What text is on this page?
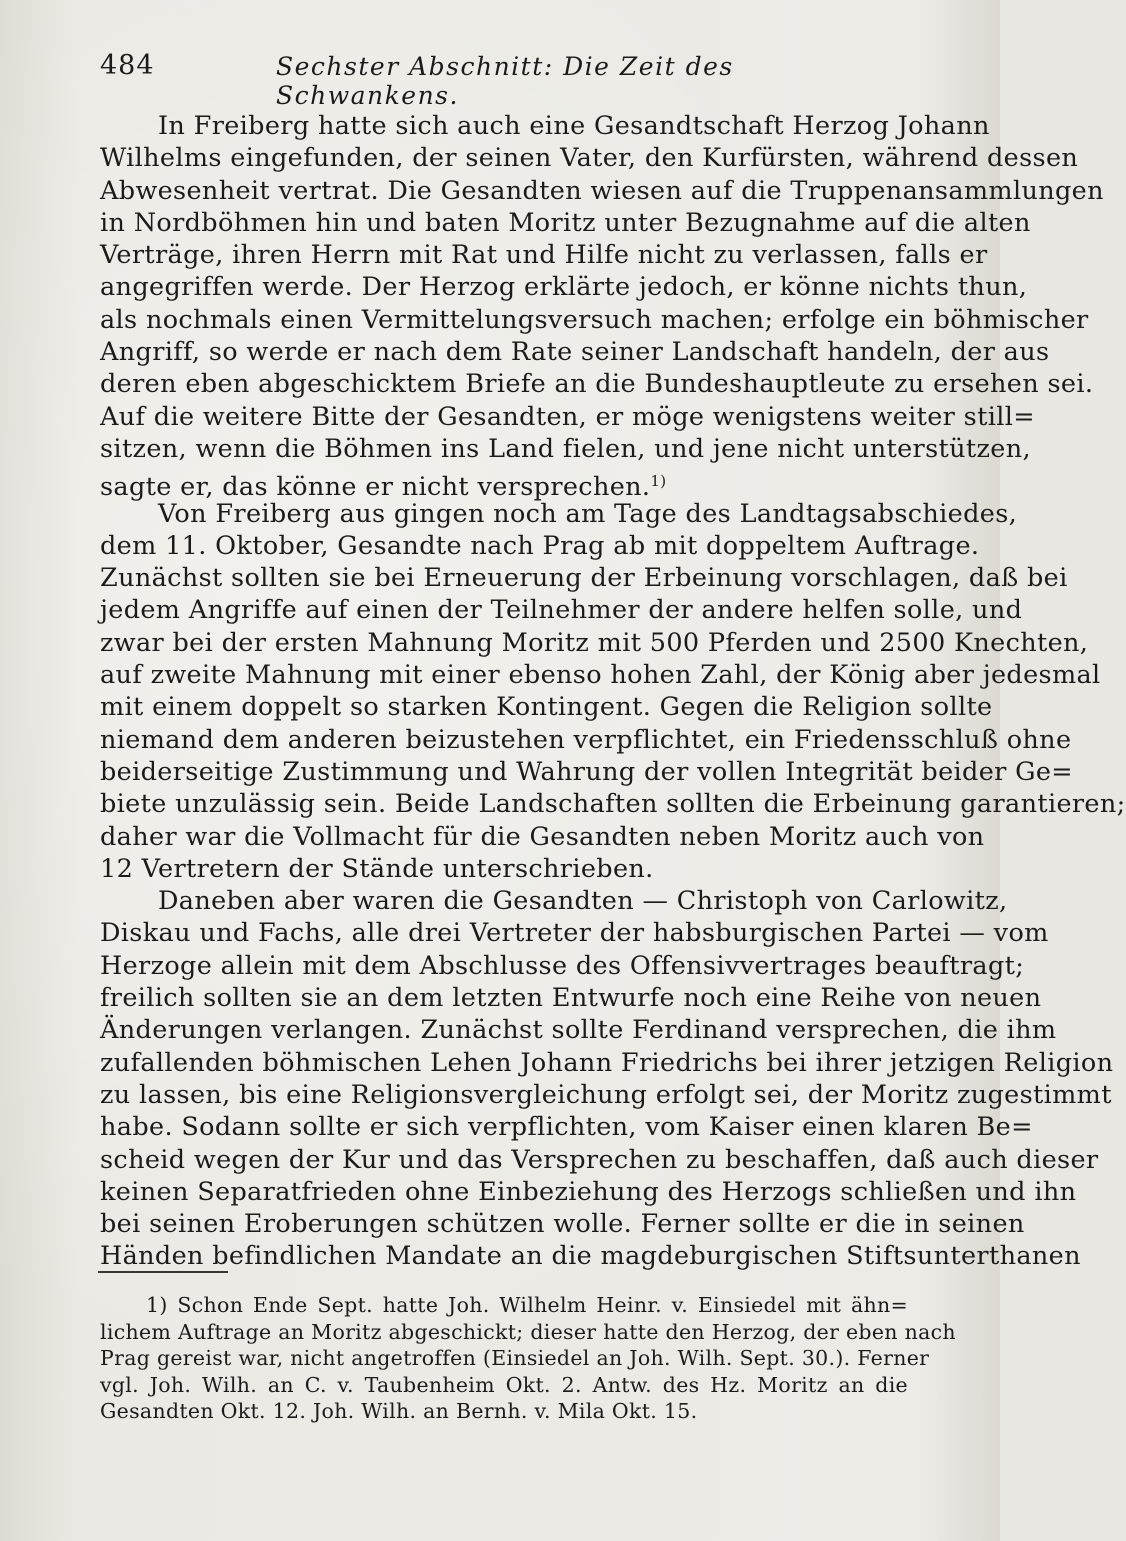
484	Sechster Abschnitt: Die Zeit des Schwankens.
In Freiberg hatte sich auch eine Gesandtschaft Herzog Johann
Wilhelms eingefunden, der seinen Vater, den Kurfürsten, während dessen
Abwesenheit vertrat. Die Gesandten wiesen auf die Truppenansammlungen
in Nordböhmen hin und baten Moritz unter Bezugnahme auf die alten
Verträge, ihren Herrn mit Rat und Hilfe nicht zu verlassen, falls er
angegriffen werde. Der Herzog erklärte jedoch, er könne nichts thun,
als nochmals einen Vermittelungsversuch machen; erfolge ein böhmischer
Angriff, so werde er nach dem Rate seiner Landschaft handeln, der aus
deren eben abgeschicktem Briefe an die Bundeshauptleute zu ersehen sei.
Auf die weitere Bitte der Gesandten, er möge wenigstens weiter still=
sitzen, wenn die Böhmen ins Land fielen, und jene nicht unterstützen,
sagte er, das könne er nicht versprechen.$^{1)}$
Von Freiberg aus gingen noch am Tage des Landtagsabschiedes,
dem 11. Oktober, Gesandte nach Prag ab mit doppeltem Auftrage.
Zunächst sollten sie bei Erneuerung der Erbeinung vorschlagen, daß bei
jedem Angriffe auf einen der Teilnehmer der andere helfen solle, und
zwar bei der ersten Mahnung Moritz mit 500 Pferden und 2500 Knechten,
auf zweite Mahnung mit einer ebenso hohen Zahl, der König aber jedesmal
mit einem doppelt so starken Kontingent. Gegen die Religion sollte
niemand dem anderen beizustehen verpflichtet, ein Friedensschluß ohne
beiderseitige Zustimmung und Wahrung der vollen Integrität beider Ge=
biete unzulässig sein. Beide Landschaften sollten die Erbeinung garantieren;
daher war die Vollmacht für die Gesandten neben Moritz auch von
12 Vertretern der Stände unterschrieben.
Daneben aber waren die Gesandten — Christoph von Carlowitz,
Diskau und Fachs, alle drei Vertreter der habsburgischen Partei — vom
Herzoge allein mit dem Abschlusse des Offensivvertrages beauftragt;
freilich sollten sie an dem letzten Entwurfe noch eine Reihe von neuen
Änderungen verlangen. Zunächst sollte Ferdinand versprechen, die ihm
zufallenden böhmischen Lehen Johann Friedrichs bei ihrer jetzigen Religion
zu lassen, bis eine Religionsvergleichung erfolgt sei, der Moritz zugestimmt
habe. Sodann sollte er sich verpflichten, vom Kaiser einen klaren Be=
scheid wegen der Kur und das Versprechen zu beschaffen, daß auch dieser
keinen Separatfrieden ohne Einbeziehung des Herzogs schließen und ihn
bei seinen Eroberungen schützen wolle. Ferner sollte er die in seinen
Händen befindlichen Mandate an die magdeburgischen Stiftsunterthanen
1) Schon Ende Sept. hatte Joh. Wilhelm Heinr. v. Einsiedel mit ähn=
lichem Auftrage an Moritz abgeschickt; dieser hatte den Herzog, der eben nach
Prag gereist war, nicht angetroffen (Einsiedel an Joh. Wilh. Sept. 30.). Ferner
vgl. Joh. Wilh. an C. v. Taubenheim Okt. 2. Antw. des Hz. Moritz an die
Gesandten Okt. 12. Joh. Wilh. an Bernh. v. Mila Okt. 15.
